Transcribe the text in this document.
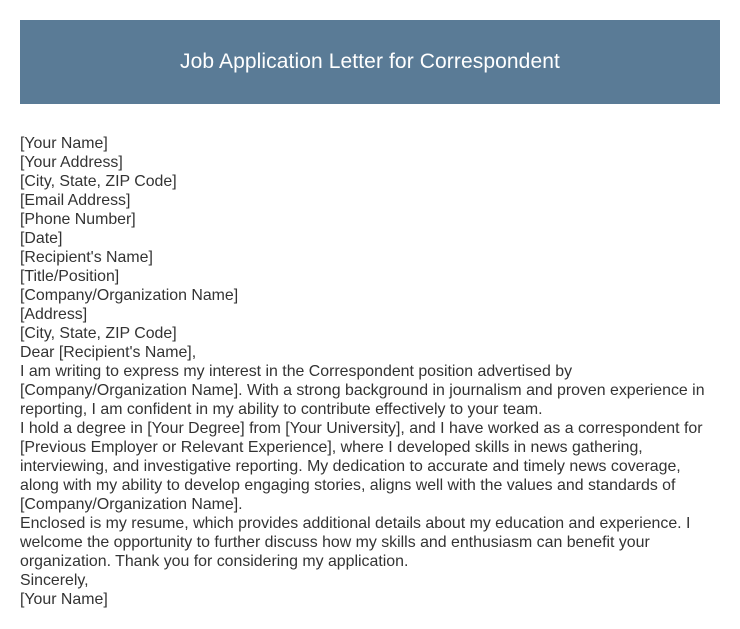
Job Application Letter for Correspondent
[Your Name]
[Your Address]
[City, State, ZIP Code]
[Email Address]
[Phone Number]
[Date]
[Recipient's Name]
[Title/Position]
[Company/Organization Name]
[Address]
[City, State, ZIP Code]
Dear [Recipient's Name],
I am writing to express my interest in the Correspondent position advertised by
[Company/Organization Name]. With a strong background in journalism and proven experience in
reporting, I am confident in my ability to contribute effectively to your team.
I hold a degree in [Your Degree] from [Your University], and I have worked as a correspondent for
[Previous Employer or Relevant Experience], where I developed skills in news gathering,
interviewing, and investigative reporting. My dedication to accurate and timely news coverage,
along with my ability to develop engaging stories, aligns well with the values and standards of
[Company/Organization Name].
Enclosed is my resume, which provides additional details about my education and experience. I
welcome the opportunity to further discuss how my skills and enthusiasm can benefit your
organization. Thank you for considering my application.
Sincerely,
[Your Name]
